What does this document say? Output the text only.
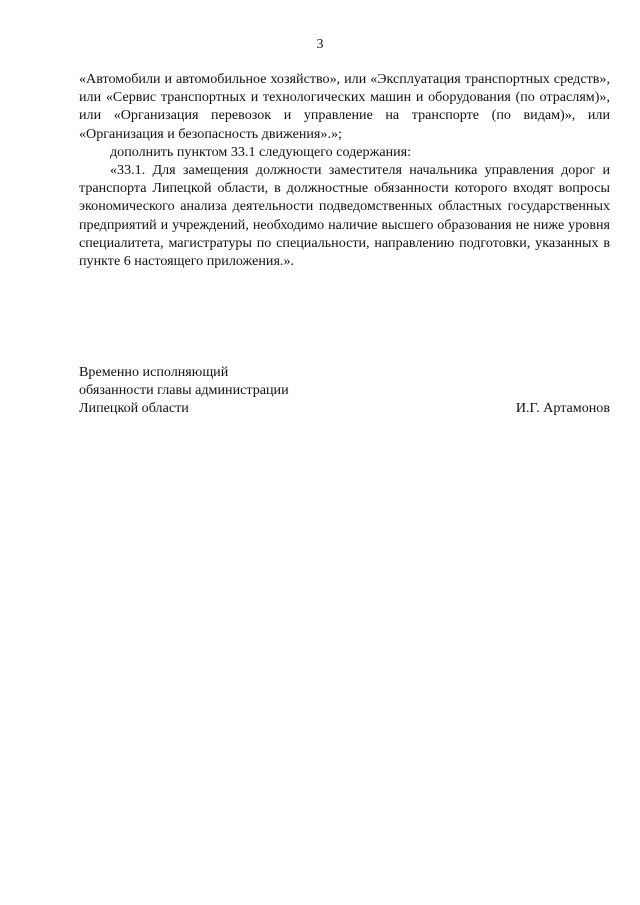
3

«Автомобили и автомобильное хозяйство», или «Эксплуатация транспортных средств», или «Сервис транспортных и технологических машин и оборудования (по отраслям)», или «Организация перевозок и управление на транспорте (по видам)», или «Организация и безопасность движения».»;

дополнить пунктом 33.1 следующего содержания:

«33.1. Для замещения должности заместителя начальника управления дорог и транспорта Липецкой области, в должностные обязанности которого входят вопросы экономического анализа деятельности подведомственных областных государственных предприятий и учреждений, необходимо наличие высшего образования не ниже уровня специалитета, магистратуры по специальности, направлению подготовки, указанных в пункте 6 настоящего приложения.».

Временно исполняющий
обязанности главы администрации
Липецкой области	И.Г. Артамонов
